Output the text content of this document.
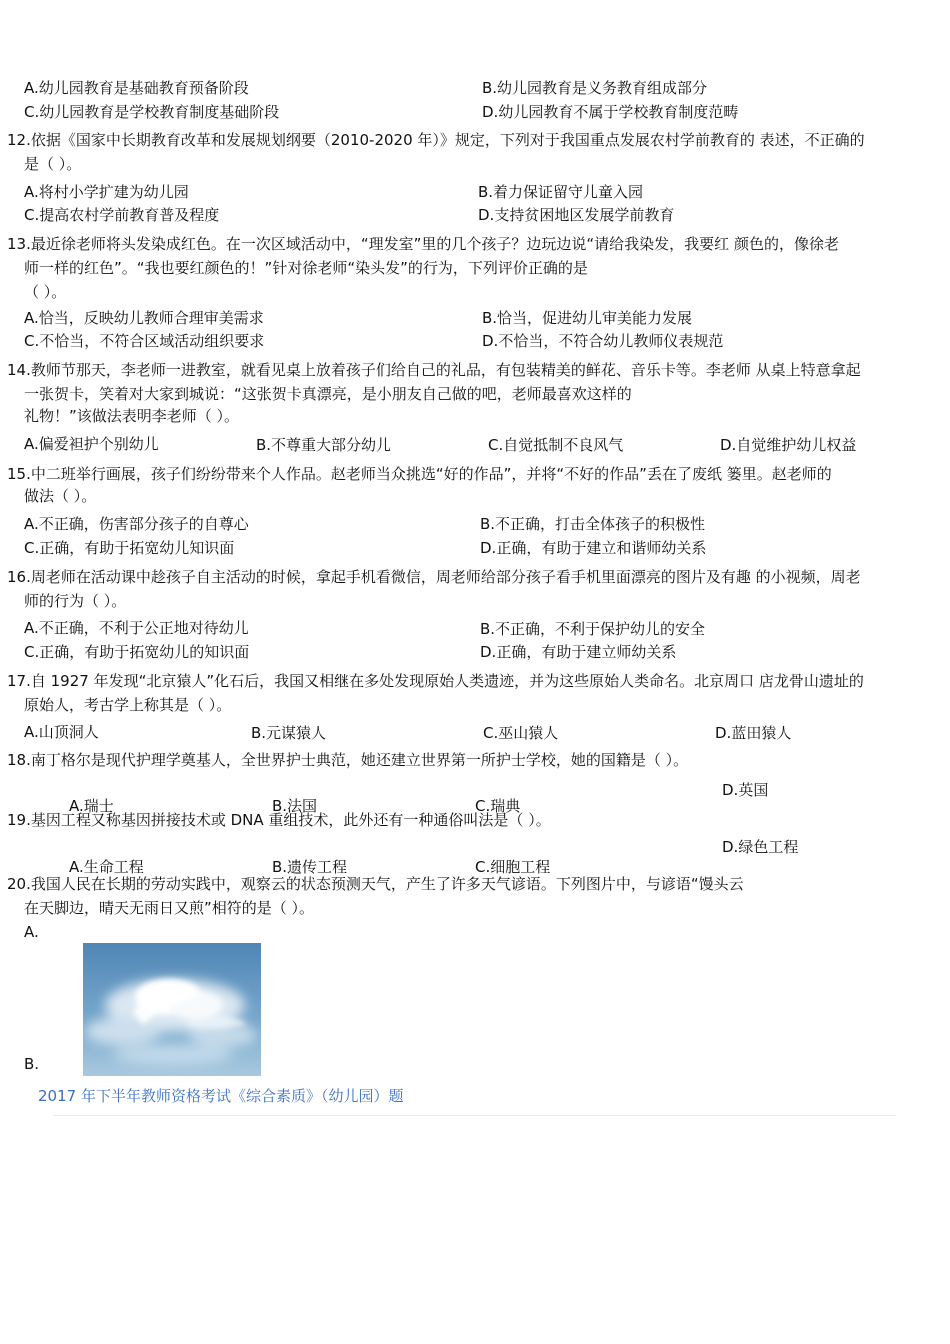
A.幼儿园教育是基础教育预备阶段	B.幼儿园教育是义务教育组成部分
C.幼儿园教育是学校教育制度基础阶段	D.幼儿园教育不属于学校教育制度范畴
12.依据《国家中长期教育改革和发展规划纲要（2010-2020 年）》规定，下列对于我国重点发展农村学前教育的 表述，不正确的
是（ ）。
A.将村小学扩建为幼儿园	B.着力保证留守儿童入园
C.提高农村学前教育普及程度	D.支持贫困地区发展学前教育
13.最近徐老师将头发染成红色。在一次区域活动中，“理发室”里的几个孩子？边玩边说“请给我染发，我要红 颜色的，像徐老
师一样的红色”。“我也要红颜色的！”针对徐老师“染头发”的行为，下列评价正确的是
（ ）。
A.恰当，反映幼儿教师合理审美需求	B.恰当，促进幼儿审美能力发展
C.不恰当，不符合区域活动组织要求	D.不恰当，不符合幼儿教师仪表规范
14.教师节那天，李老师一进教室，就看见桌上放着孩子们给自己的礼品，有包装精美的鲜花、音乐卡等。李老师 从桌上特意拿起
一张贺卡，笑着对大家到城说：“这张贺卡真漂亮，是小朋友自己做的吧，老师最喜欢这样的
礼物！”该做法表明李老师（ ）。
A.偏爱袒护个别幼儿	B.不尊重大部分幼儿	C.自觉抵制不良风气	D.自觉维护幼儿权益
15.中二班举行画展，孩子们纷纷带来个人作品。赵老师当众挑选“好的作品”，并将“不好的作品”丢在了废纸 篓里。赵老师的
做法（ ）。
A.不正确，伤害部分孩子的自尊心	B.不正确，打击全体孩子的积极性
C.正确，有助于拓宽幼儿知识面	D.正确，有助于建立和谐师幼关系
16.周老师在活动课中趁孩子自主活动的时候，拿起手机看微信，周老师给部分孩子看手机里面漂亮的图片及有趣 的小视频，周老
师的行为（ ）。
A.不正确，不利于公正地对待幼儿	B.不正确，不利于保护幼儿的安全
C.正确，有助于拓宽幼儿的知识面	D.正确，有助于建立师幼关系
17.自 1927 年发现“北京猿人”化石后，我国又相继在多处发现原始人类遗迹，并为这些原始人类命名。北京周口 店龙骨山遗址的
原始人，考古学上称其是（ ）。
A.山顶洞人	B.元谋猿人	C.巫山猿人	D.蓝田猿人
18.南丁格尔是现代护理学奠基人，全世界护士典范，她还建立世界第一所护士学校，她的国籍是（ ）。
D.英国
A.瑞士	B.法国	C.瑞典
19.基因工程又称基因拼接技术或 DNA 重组技术，此外还有一种通俗叫法是（ ）。
D.绿色工程
A.生命工程	B.遗传工程	C.细胞工程
20.我国人民在长期的劳动实践中，观察云的状态预测天气，产生了许多天气谚语。下列图片中，与谚语“馒头云
在天脚边，晴天无雨日又煎”相符的是（ ）。
A.
B.
2017 年下半年教师资格考试《综合素质》（幼儿园）题
